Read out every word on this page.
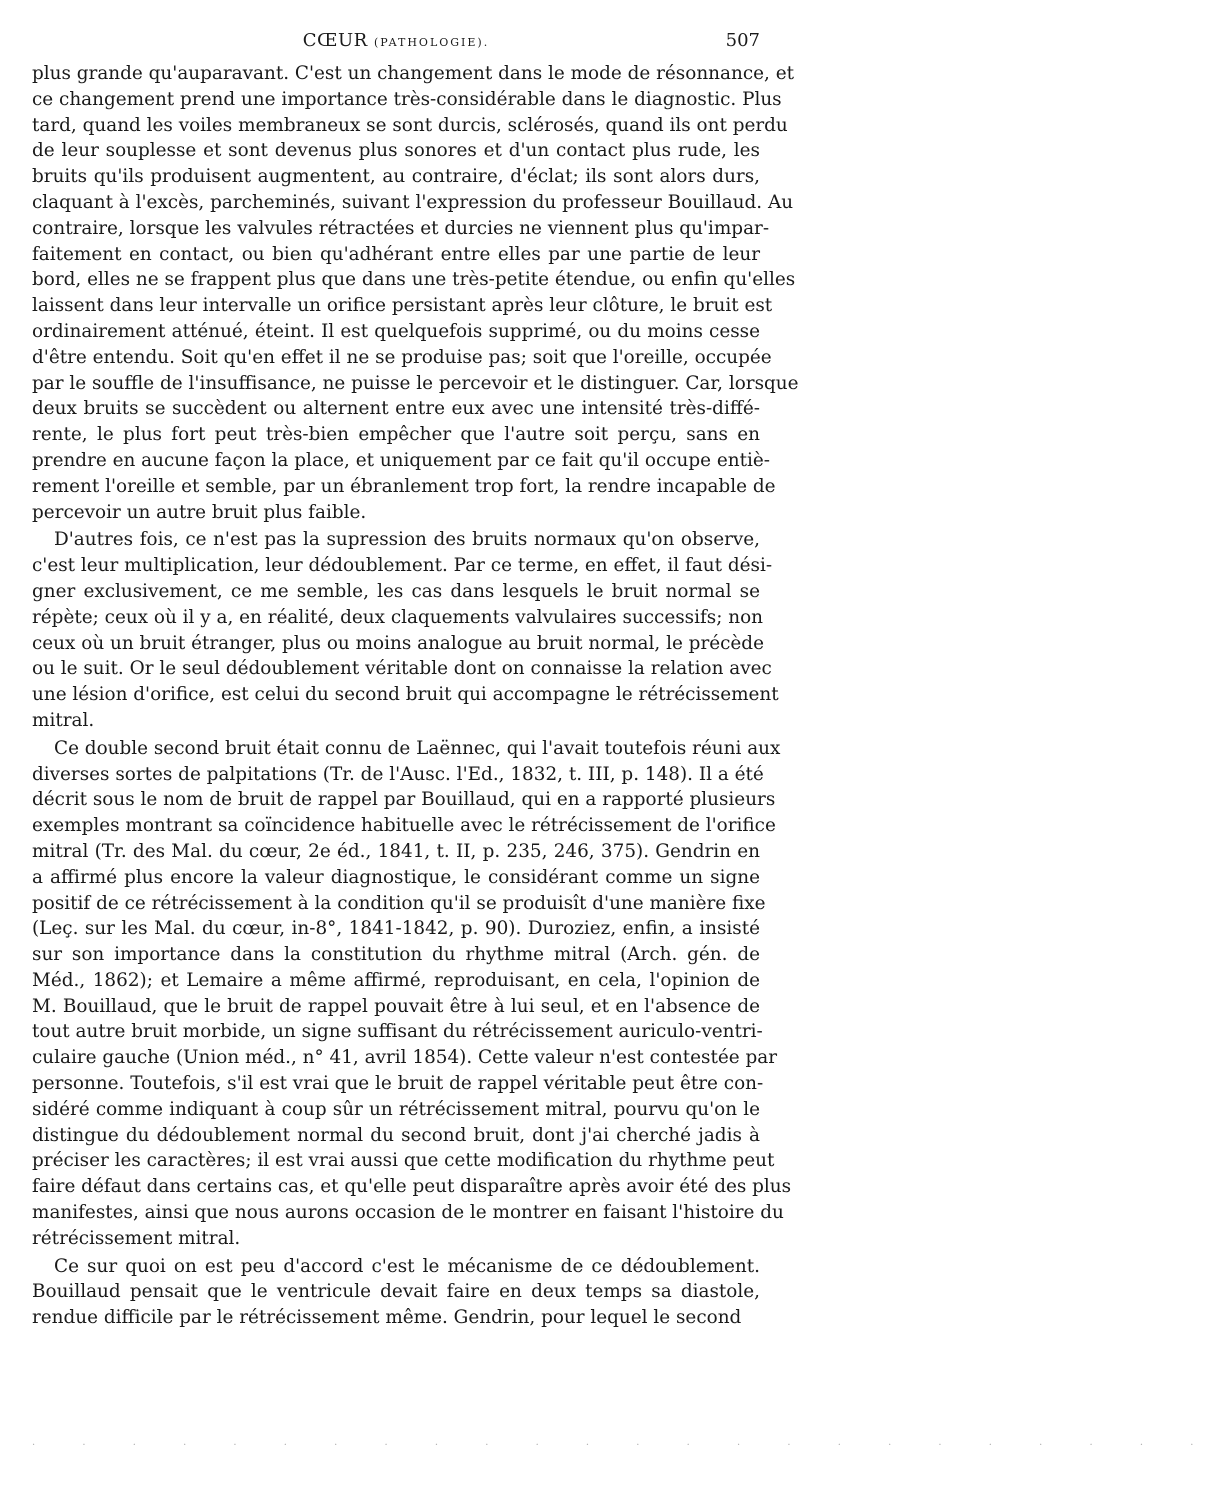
CŒUR (PATHOLOGIE).	507
plus grande qu'auparavant. C'est un changement dans le mode de résonnance, et
ce changement prend une importance très-considérable dans le diagnostic. Plus
tard, quand les voiles membraneux se sont durcis, sclérosés, quand ils ont perdu
de leur souplesse et sont devenus plus sonores et d'un contact plus rude, les
bruits qu'ils produisent augmentent, au contraire, d'éclat; ils sont alors durs,
claquant à l'excès, parcheminés, suivant l'expression du professeur Bouillaud. Au
contraire, lorsque les valvules rétractées et durcies ne viennent plus qu'impar-
faitement en contact, ou bien qu'adhérant entre elles par une partie de leur
bord, elles ne se frappent plus que dans une très-petite étendue, ou enfin qu'elles
laissent dans leur intervalle un orifice persistant après leur clôture, le bruit est
ordinairement atténué, éteint. Il est quelquefois supprimé, ou du moins cesse
d'être entendu. Soit qu'en effet il ne se produise pas; soit que l'oreille, occupée
par le souffle de l'insuffisance, ne puisse le percevoir et le distinguer. Car, lorsque
deux bruits se succèdent ou alternent entre eux avec une intensité très-diffé-
rente, le plus fort peut très-bien empêcher que l'autre soit perçu, sans en
prendre en aucune façon la place, et uniquement par ce fait qu'il occupe entiè-
rement l'oreille et semble, par un ébranlement trop fort, la rendre incapable de
percevoir un autre bruit plus faible.
D'autres fois, ce n'est pas la supression des bruits normaux qu'on observe,
c'est leur multiplication, leur dédoublement. Par ce terme, en effet, il faut dési-
gner exclusivement, ce me semble, les cas dans lesquels le bruit normal se
répète; ceux où il y a, en réalité, deux claquements valvulaires successifs; non
ceux où un bruit étranger, plus ou moins analogue au bruit normal, le précède
ou le suit. Or le seul dédoublement véritable dont on connaisse la relation avec
une lésion d'orifice, est celui du second bruit qui accompagne le rétrécissement
mitral.
Ce double second bruit était connu de Laënnec, qui l'avait toutefois réuni aux
diverses sortes de palpitations (Tr. de l'Ausc. l'Ed., 1832, t. III, p. 148). Il a été
décrit sous le nom de bruit de rappel par Bouillaud, qui en a rapporté plusieurs
exemples montrant sa coïncidence habituelle avec le rétrécissement de l'orifice
mitral (Tr. des Mal. du cœur, 2e éd., 1841, t. II, p. 235, 246, 375). Gendrin en
a affirmé plus encore la valeur diagnostique, le considérant comme un signe
positif de ce rétrécissement à la condition qu'il se produisît d'une manière fixe
(Leç. sur les Mal. du cœur, in-8°, 1841-1842, p. 90). Duroziez, enfin, a insisté
sur son importance dans la constitution du rhythme mitral (Arch. gén. de
Méd., 1862); et Lemaire a même affirmé, reproduisant, en cela, l'opinion de
M. Bouillaud, que le bruit de rappel pouvait être à lui seul, et en l'absence de
tout autre bruit morbide, un signe suffisant du rétrécissement auriculo-ventri-
culaire gauche (Union méd., n° 41, avril 1854). Cette valeur n'est contestée par
personne. Toutefois, s'il est vrai que le bruit de rappel véritable peut être con-
sidéré comme indiquant à coup sûr un rétrécissement mitral, pourvu qu'on le
distingue du dédoublement normal du second bruit, dont j'ai cherché jadis à
préciser les caractères; il est vrai aussi que cette modification du rhythme peut
faire défaut dans certains cas, et qu'elle peut disparaître après avoir été des plus
manifestes, ainsi que nous aurons occasion de le montrer en faisant l'histoire du
rétrécissement mitral.
Ce sur quoi on est peu d'accord c'est le mécanisme de ce dédoublement.
Bouillaud pensait que le ventricule devait faire en deux temps sa diastole,
rendue difficile par le rétrécissement même. Gendrin, pour lequel le second
· · · · · · · · · · · · · · · · · · · · · · · ·
